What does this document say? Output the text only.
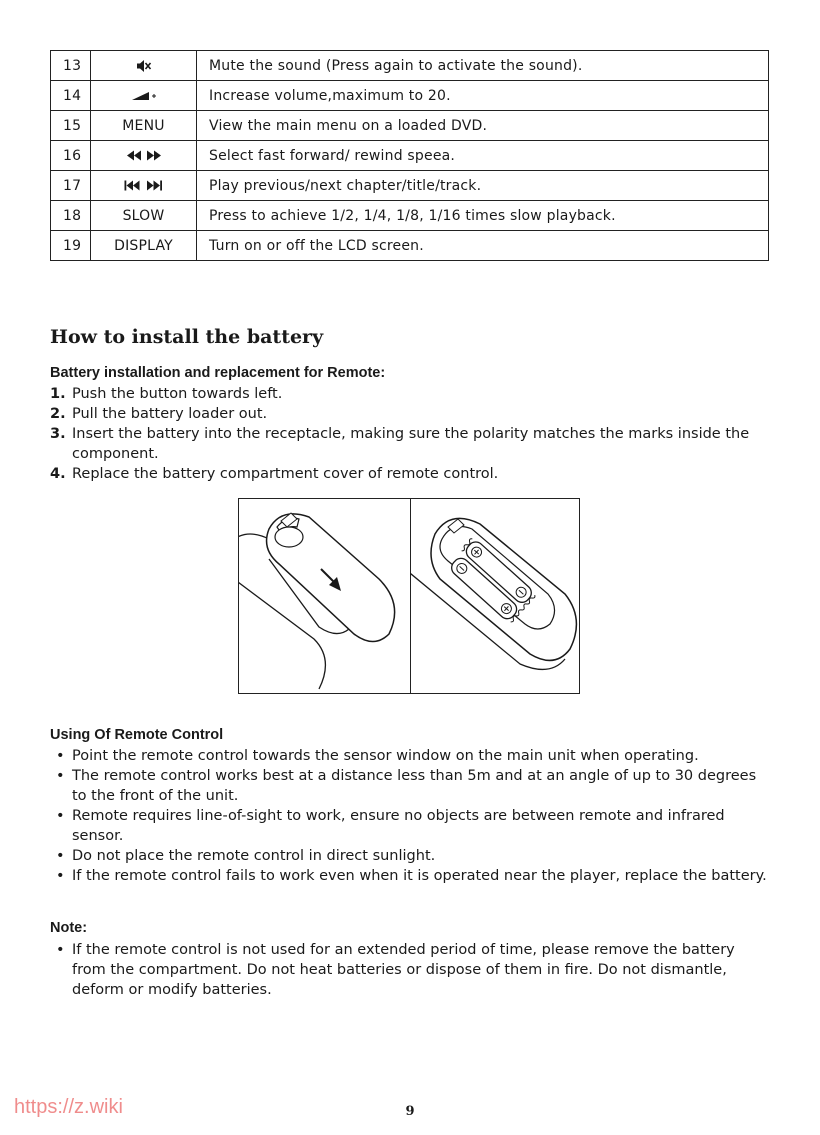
13		Mute the sound (Press again to activate the sound).
14		Increase volume,maximum to 20.
15	MENU	View the main menu on a loaded DVD.
16		Select fast forward/ rewind speea.
17		Play previous/next chapter/title/track.
18	SLOW	Press to achieve 1/2, 1/4, 1/8, 1/16 times slow playback.
19	DISPLAY	Turn on or off the LCD screen.
How to install the battery

Battery installation and replacement for Remote:

1. Push the button towards left.
2. Pull the battery loader out.
3. Insert the battery into the receptacle, making sure the polarity matches the marks inside the component.
4. Replace the battery compartment cover of remote control.

Using Of Remote Control

• Point the remote control towards the sensor window on the main unit when operating.
• The remote control works best at a distance less than 5m and at an angle of up to 30 degrees to the front of the unit.
• Remote requires line-of-sight to work, ensure no objects are between remote and infrared sensor.
• Do not place the remote control in direct sunlight.
• If the remote control fails to work even when it is operated near the player, replace the battery.

Note:

• If the remote control is not used for an extended period of time, please remove the battery from the compartment. Do not heat batteries or dispose of them in fire. Do not dismantle, deform or modify batteries.
https://z.wiki	9
